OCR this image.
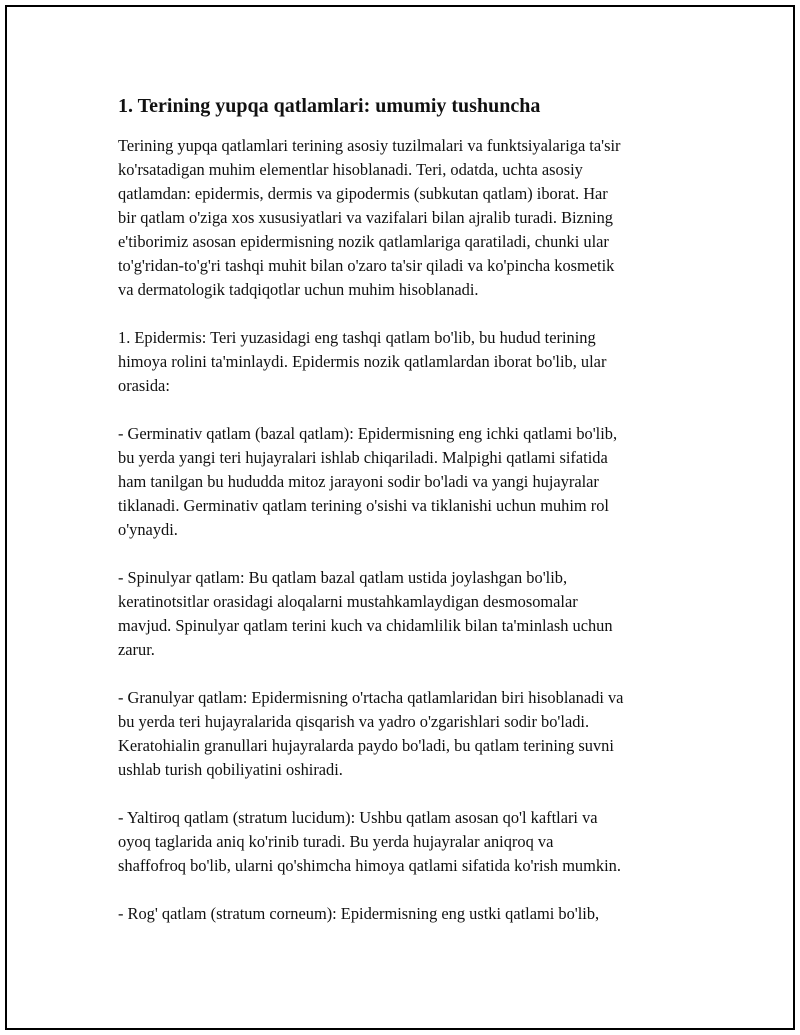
1. Terining yupqa qatlamlari: umumiy tushuncha
Terining yupqa qatlamlari terining asosiy tuzilmalari va funktsiyalariga ta'sir
ko'rsatadigan muhim elementlar hisoblanadi. Teri, odatda, uchta asosiy
qatlamdan: epidermis, dermis va gipodermis (subkutan qatlam) iborat. Har
bir qatlam o'ziga xos xususiyatlari va vazifalari bilan ajralib turadi. Bizning
e'tiborimiz asosan epidermisning nozik qatlamlariga qaratiladi, chunki ular
to'g'ridan-to'g'ri tashqi muhit bilan o'zaro ta'sir qiladi va ko'pincha kosmetik
va dermatologik tadqiqotlar uchun muhim hisoblanadi.
1. Epidermis: Teri yuzasidagi eng tashqi qatlam bo'lib, bu hudud terining
himoya rolini ta'minlaydi. Epidermis nozik qatlamlardan iborat bo'lib, ular
orasida:
- Germinativ qatlam (bazal qatlam): Epidermisning eng ichki qatlami bo'lib,
bu yerda yangi teri hujayralari ishlab chiqariladi. Malpighi qatlami sifatida
ham tanilgan bu hududda mitoz jarayoni sodir bo'ladi va yangi hujayralar
tiklanadi. Germinativ qatlam terining o'sishi va tiklanishi uchun muhim rol
o'ynaydi.
- Spinulyar qatlam: Bu qatlam bazal qatlam ustida joylashgan bo'lib,
keratinotsitlar orasidagi aloqalarni mustahkamlaydigan desmosomalar
mavjud. Spinulyar qatlam terini kuch va chidamlilik bilan ta'minlash uchun
zarur.
- Granulyar qatlam: Epidermisning o'rtacha qatlamlaridan biri hisoblanadi va
bu yerda teri hujayralarida qisqarish va yadro o'zgarishlari sodir bo'ladi.
Keratohialin granullari hujayralarda paydo bo'ladi, bu qatlam terining suvni
ushlab turish qobiliyatini oshiradi.
- Yaltiroq qatlam (stratum lucidum): Ushbu qatlam asosan qo'l kaftlari va
oyoq taglarida aniq ko'rinib turadi. Bu yerda hujayralar aniqroq va
shaffofroq bo'lib, ularni qo'shimcha himoya qatlami sifatida ko'rish mumkin.
- Rog' qatlam (stratum corneum): Epidermisning eng ustki qatlami bo'lib,
